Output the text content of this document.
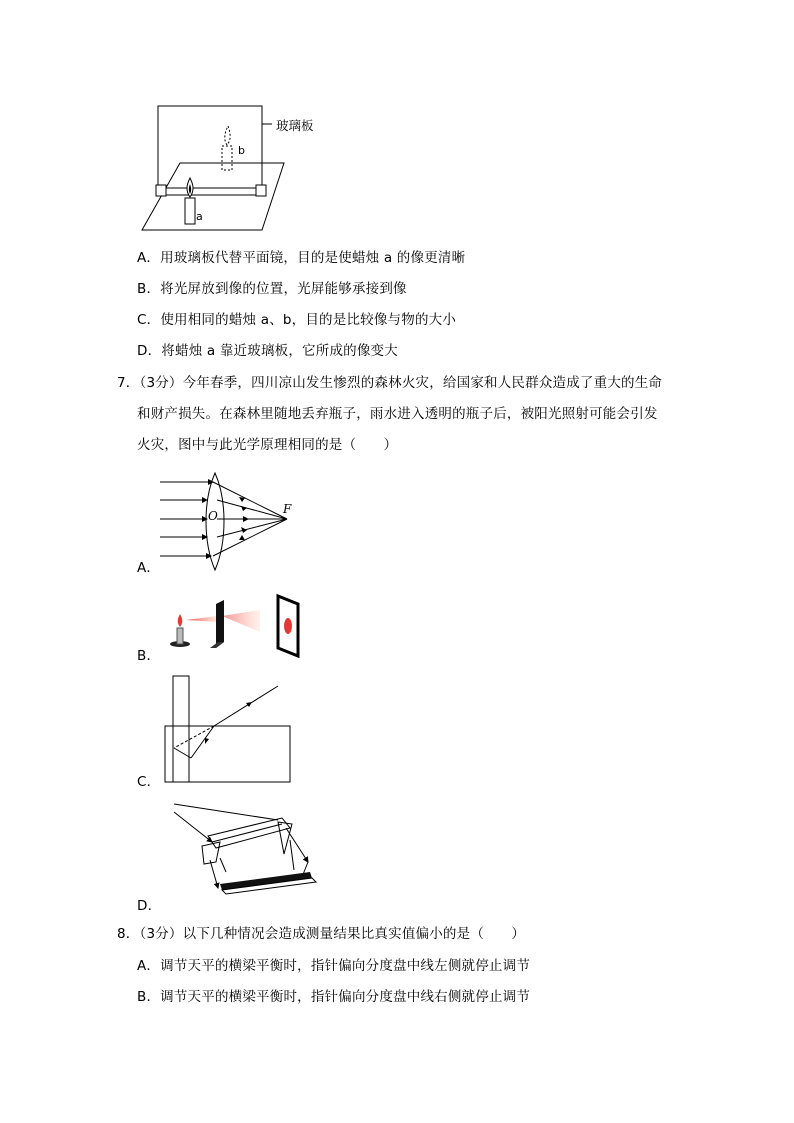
玻璃板
b
a
A．用玻璃板代替平面镜，目的是使蜡烛 a 的像更清晰
B．将光屏放到像的位置，光屏能够承接到像
C．使用相同的蜡烛 a、b，目的是比较像与物的大小
D．将蜡烛 a 靠近玻璃板，它所成的像变大
7．（3分）今年春季，四川凉山发生惨烈的森林火灾，给国家和人民群众造成了重大的生命
和财产损失。在森林里随地丢弃瓶子，雨水进入透明的瓶子后，被阳光照射可能会引发
火灾，图中与此光学原理相同的是（　　）
O	F
A．
B．
C．
D．
8．（3分）以下几种情况会造成测量结果比真实值偏小的是（　　）
A．调节天平的横梁平衡时，指针偏向分度盘中线左侧就停止调节
B．调节天平的横梁平衡时，指针偏向分度盘中线右侧就停止调节
